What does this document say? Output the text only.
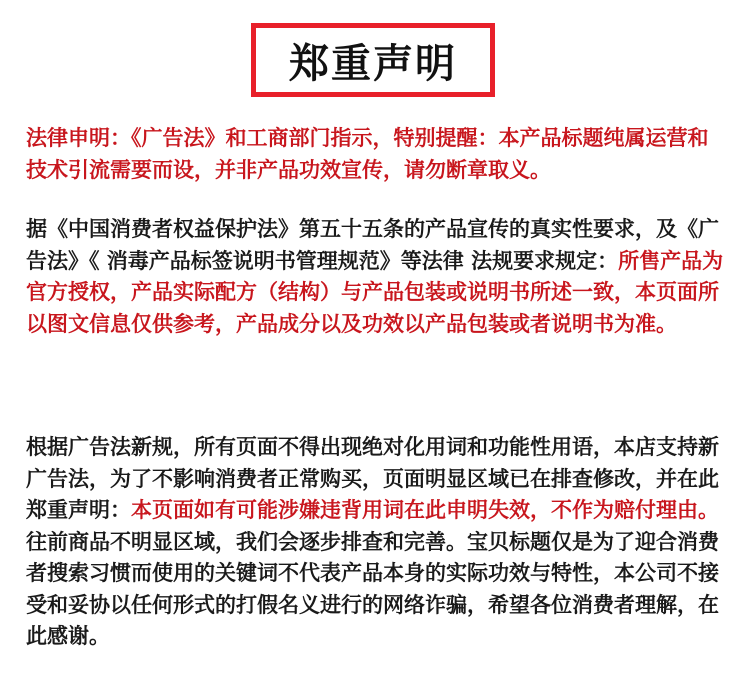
郑重声明

法律申明：《广告法》和工商部门指示，特别提醒：本产品标题纯属运营和技术引流需要而设，并非产品功效宣传，请勿断章取义。

据《中国消费者权益保护法》第五十五条的产品宣传的真实性要求，及《广告法》《 消毒产品标签说明书管理规范》等法律 法规要求规定：所售产品为官方授权，产品实际配方（结构）与产品包装或说明书所述一致，本页面所以图文信息仅供参考，产品成分以及功效以产品包装或者说明书为准。

根据广告法新规，所有页面不得出现绝对化用词和功能性用语，本店支持新广告法，为了不影响消费者正常购买，页面明显区域已在排查修改，并在此郑重声明：本页面如有可能涉嫌违背用词在此申明失效，不作为赔付理由。往前商品不明显区域，我们会逐步排查和完善。宝贝标题仅是为了迎合消费者搜索习惯而使用的关键词不代表产品本身的实际功效与特性，本公司不接受和妥协以任何形式的打假名义进行的网络诈骗，希望各位消费者理解，在此感谢。
